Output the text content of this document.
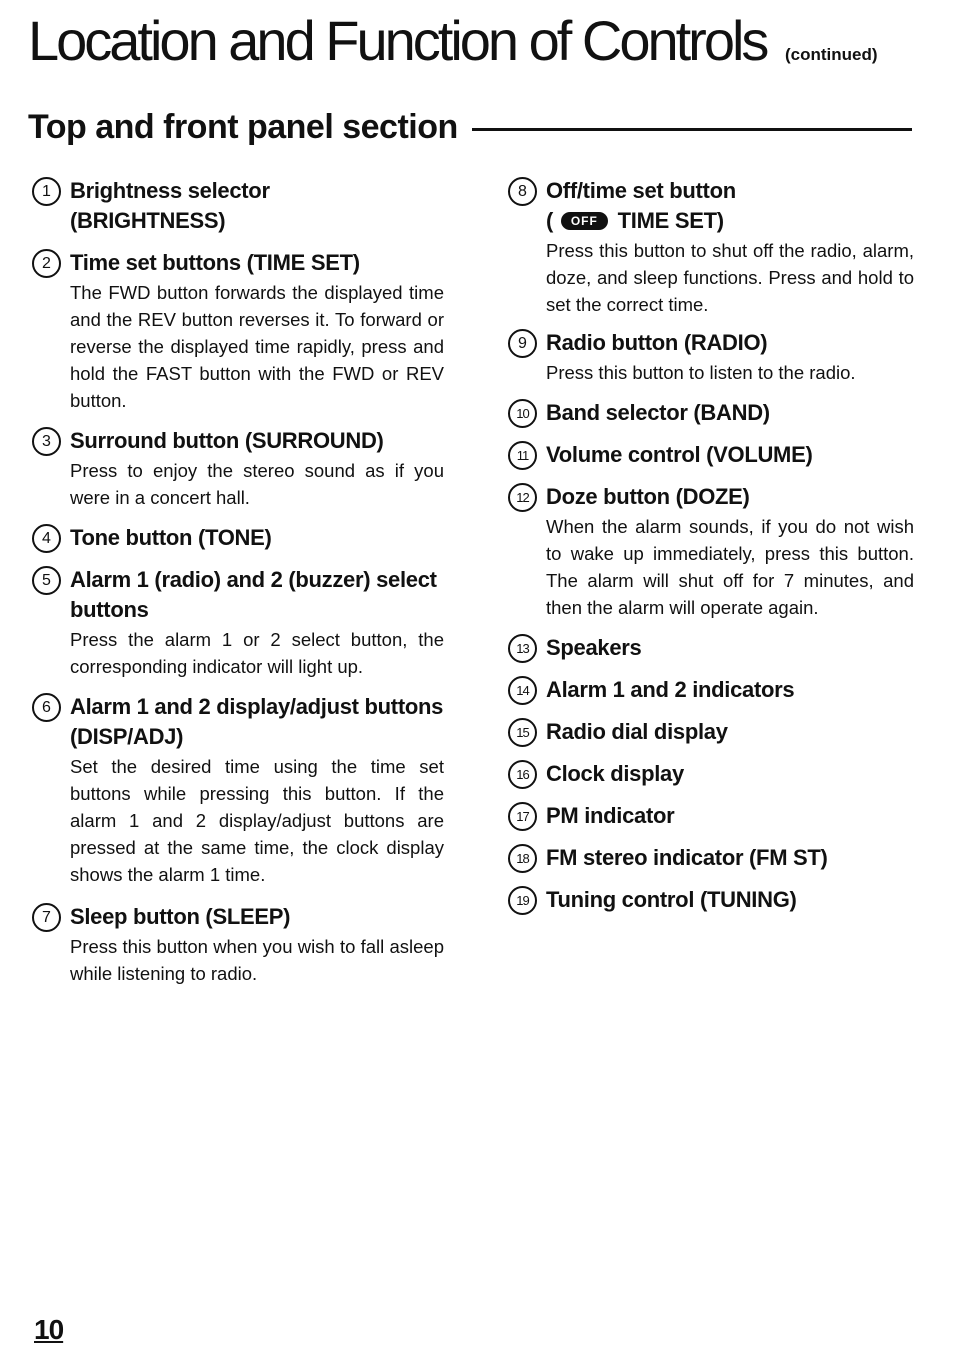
Location and Function of Controls (continued)
Top and front panel section
1 Brightness selector (BRIGHTNESS)
2 Time set buttons (TIME SET)
The FWD button forwards the displayed time and the REV button reverses it. To forward or reverse the displayed time rapidly, press and hold the FAST button with the FWD or REV button.
3 Surround button (SURROUND)
Press to enjoy the stereo sound as if you were in a concert hall.
4 Tone button (TONE)
5 Alarm 1 (radio) and 2 (buzzer) select buttons
Press the alarm 1 or 2 select button, the corresponding indicator will light up.
6 Alarm 1 and 2 display/adjust buttons (DISP/ADJ)
Set the desired time using the time set buttons while pressing this button. If the alarm 1 and 2 display/adjust buttons are pressed at the same time, the clock display shows the alarm 1 time.
7 Sleep button (SLEEP)
Press this button when you wish to fall asleep while listening to radio.
8 Off/time set button
( OFF TIME SET)
Press this button to shut off the radio, alarm, doze, and sleep functions. Press and hold to set the correct time.
9 Radio button (RADIO)
Press this button to listen to the radio.
10 Band selector (BAND)
11 Volume control (VOLUME)
12 Doze button (DOZE)
When the alarm sounds, if you do not wish to wake up immediately, press this button. The alarm will shut off for 7 minutes, and then the alarm will operate again.
13 Speakers
14 Alarm 1 and 2 indicators
15 Radio dial display
16 Clock display
17 PM indicator
18 FM stereo indicator (FM ST)
19 Tuning control (TUNING)
10
